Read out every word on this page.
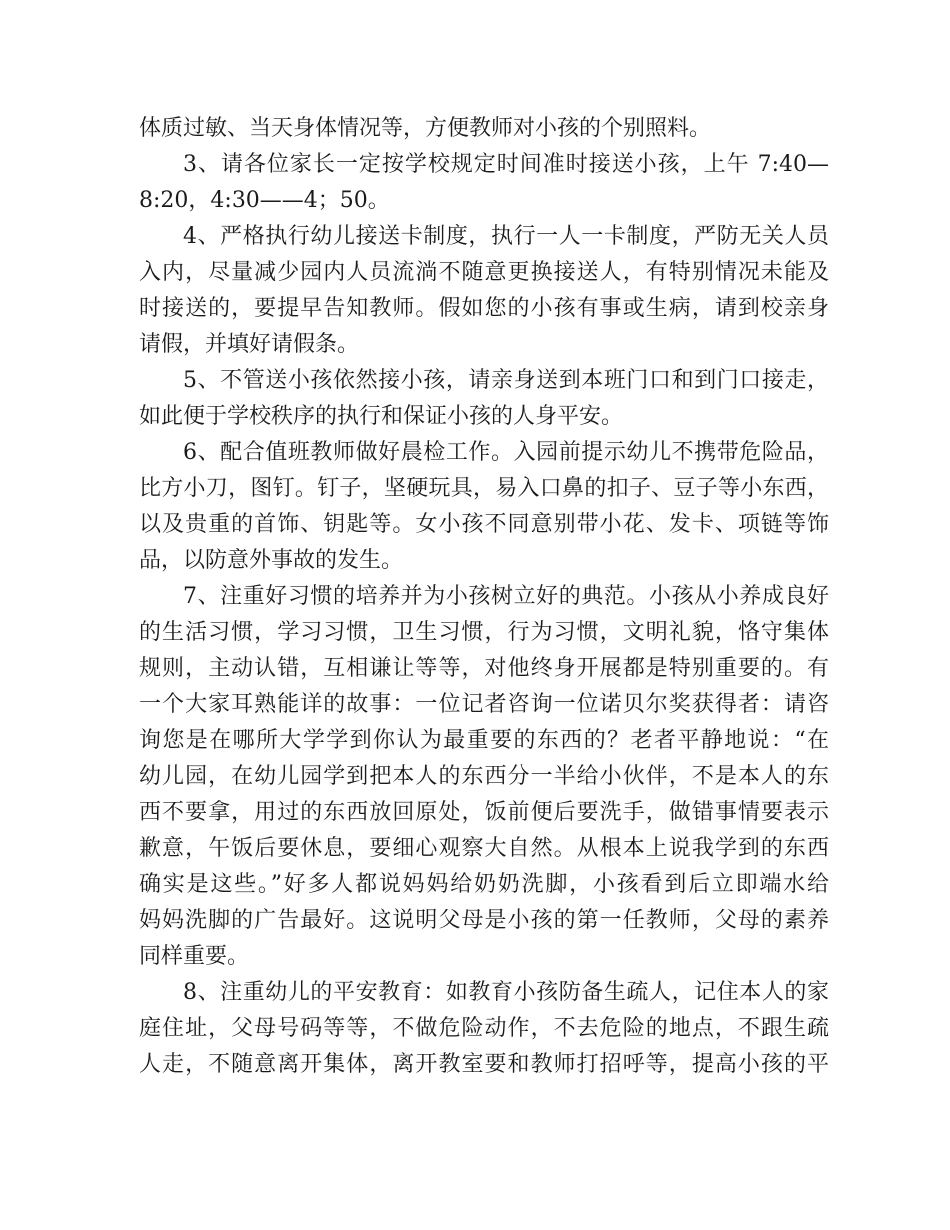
体质过敏、当天身体情况等，方便教师对小孩的个别照料。
3、请各位家长一定按学校规定时间准时接送小孩，上午 7:40—
8:20，4:30——4；50。
4、严格执行幼儿接送卡制度，执行一人一卡制度，严防无关人员
入内，尽量减少园内人员流淌不随意更换接送人，有特别情况未能及
时接送的，要提早告知教师。假如您的小孩有事或生病，请到校亲身
请假，并填好请假条。
5、不管送小孩依然接小孩，请亲身送到本班门口和到门口接走，
如此便于学校秩序的执行和保证小孩的人身平安。
6、配合值班教师做好晨检工作。入园前提示幼儿不携带危险品，
比方小刀，图钉。钉子，坚硬玩具，易入口鼻的扣子、豆子等小东西，
以及贵重的首饰、钥匙等。女小孩不同意别带小花、发卡、项链等饰
品，以防意外事故的发生。
7、注重好习惯的培养并为小孩树立好的典范。小孩从小养成良好
的生活习惯，学习习惯，卫生习惯，行为习惯，文明礼貌，恪守集体
规则，主动认错，互相谦让等等，对他终身开展都是特别重要的。有
一个大家耳熟能详的故事：一位记者咨询一位诺贝尔奖获得者：请咨
询您是在哪所大学学到你认为最重要的东西的？老者平静地说：“在
幼儿园，在幼儿园学到把本人的东西分一半给小伙伴，不是本人的东
西不要拿，用过的东西放回原处，饭前便后要洗手，做错事情要表示
歉意，午饭后要休息，要细心观察大自然。从根本上说我学到的东西
确实是这些。”好多人都说妈妈给奶奶洗脚，小孩看到后立即端水给
妈妈洗脚的广告最好。这说明父母是小孩的第一任教师，父母的素养
同样重要。
8、注重幼儿的平安教育：如教育小孩防备生疏人，记住本人的家
庭住址，父母号码等等，不做危险动作，不去危险的地点，不跟生疏
人走，不随意离开集体，离开教室要和教师打招呼等，提高小孩的平
